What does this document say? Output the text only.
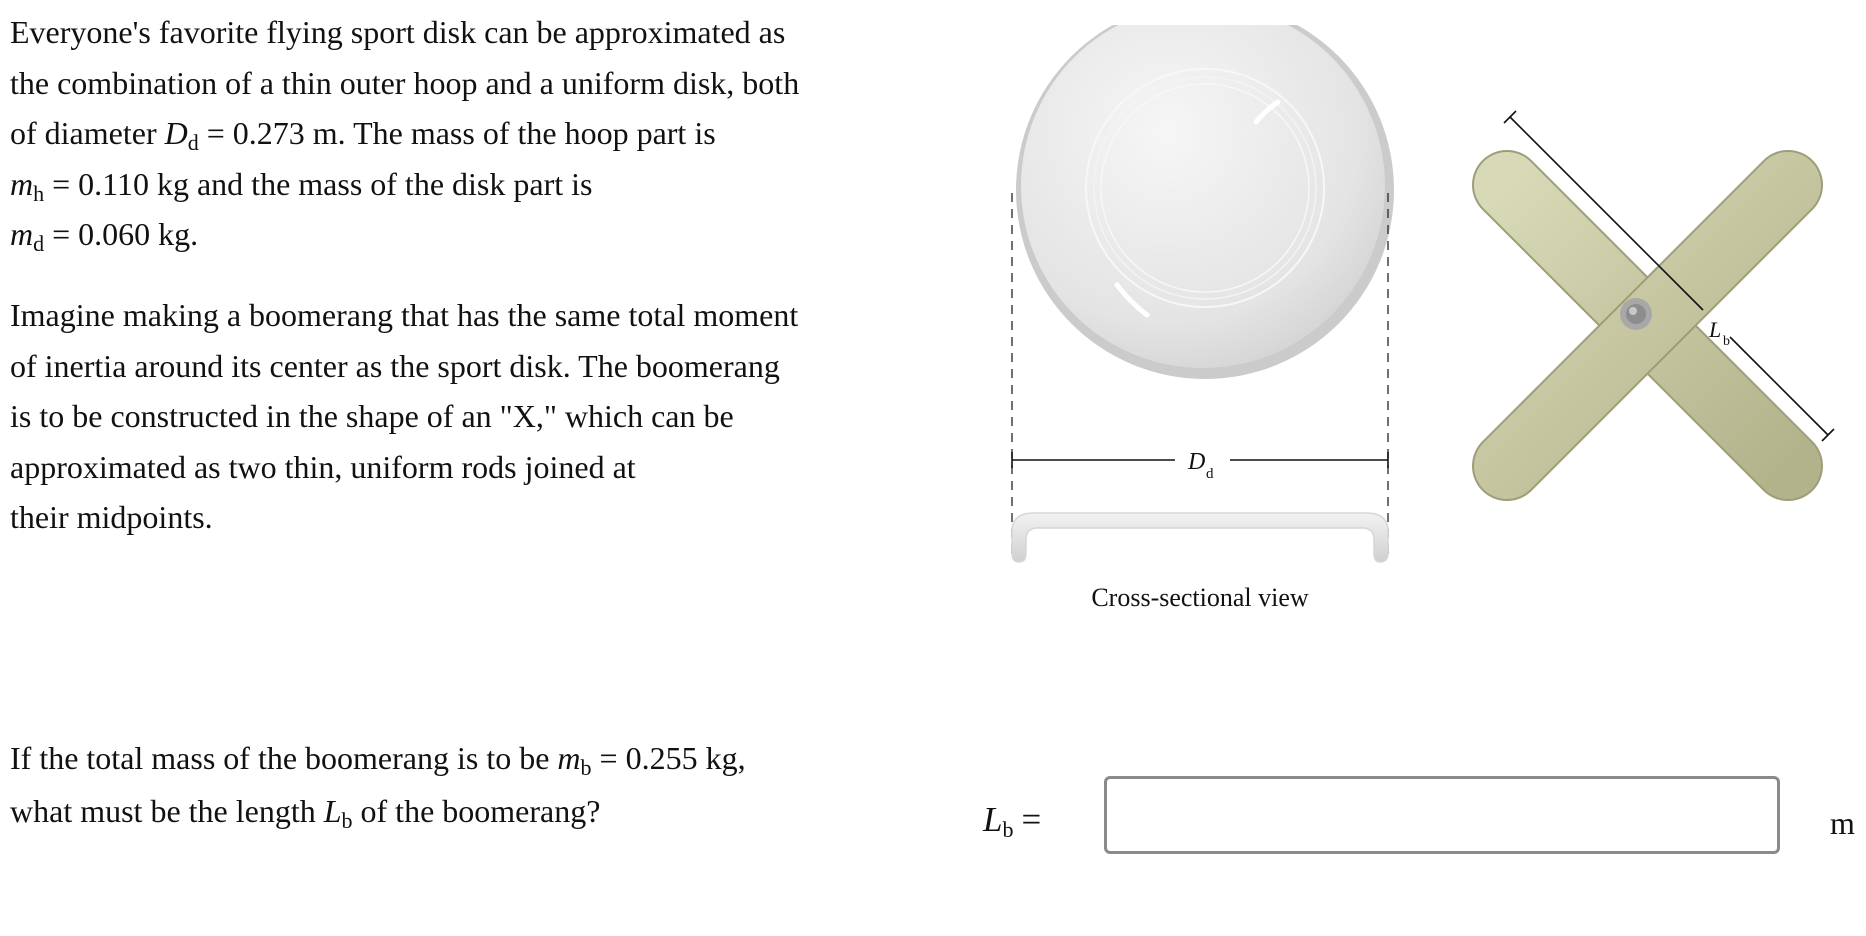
Everyone's favorite flying sport disk can be approximated as
the combination of a thin outer hoop and a uniform disk, both
of diameter $D_d = 0.273$ m. The mass of the hoop part is
$m_h = 0.110$ kg and the mass of the disk part is
$m_d = 0.060$ kg.
Imagine making a boomerang that has the same total moment
of inertia around its center as the sport disk. The boomerang
is to be constructed in the shape of an "X," which can be
approximated as two thin, uniform rods joined at
their midpoints.
D d
Cross-sectional view
L b
If the total mass of the boomerang is to be $m_b = 0.255$ kg,
what must be the length $L_b$ of the boomerang?	$L_b$ =	m
